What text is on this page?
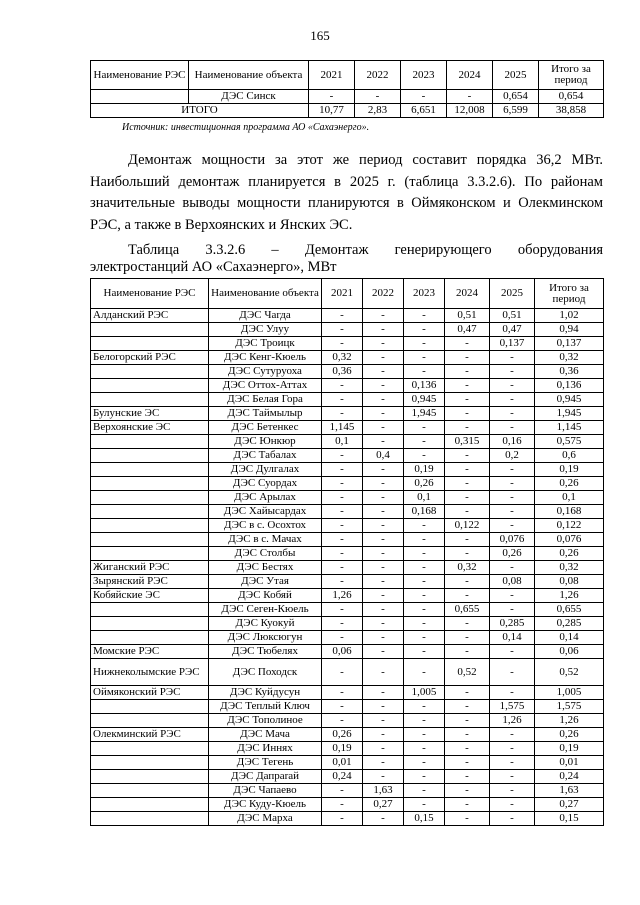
165
Наименование РЭС	Наименование объекта	2021	2022	2023	2024	2025	Итого за период
	ДЭС Синск	-	-	-	-	0,654	0,654
ИТОГО		10,77	2,83	6,651	12,008	6,599	38,858
Источник: инвестиционная программа АО «Сахаэнерго».

Демонтаж мощности за этот же период составит порядка 36,2 МВт. Наибольший демонтаж планируется в 2025 г. (таблица 3.3.2.6). По районам значительные выводы мощности планируются в Оймяконском и Олекминском РЭС, а также в Верхоянских и Янских ЭС.

Таблица 3.3.2.6 – Демонтаж генерирующего оборудования
электростанций АО «Сахаэнерго», МВт
Наименование РЭС	Наименование объекта	2021	2022	2023	2024	2025	Итого за период
Алданский РЭС	ДЭС Чагда	-	-	-	0,51	0,51	1,02
	ДЭС Улуу	-	-	-	0,47	0,47	0,94
	ДЭС Троицк	-	-	-	-	0,137	0,137
Белогорский РЭС	ДЭС Кенг-Кюель	0,32	-	-	-	-	0,32
	ДЭС Сутуруоха	0,36	-	-	-	-	0,36
	ДЭС Оттох-Аттах	-	-	0,136	-	-	0,136
	ДЭС Белая Гора	-	-	0,945	-	-	0,945
Булунские ЭС	ДЭС Таймылыр	-	-	1,945	-	-	1,945
Верхоянские ЭС	ДЭС Бетенкес	1,145	-	-	-	-	1,145
	ДЭС Юнкюр	0,1	-	-	0,315	0,16	0,575
	ДЭС Табалах	-	0,4	-	-	0,2	0,6
	ДЭС Дулгалах	-	-	0,19	-	-	0,19
	ДЭС Суордах	-	-	0,26	-	-	0,26
	ДЭС Арылах	-	-	0,1	-	-	0,1
	ДЭС Хайысардах	-	-	0,168	-	-	0,168
	ДЭС в с. Осохтох	-	-	-	0,122	-	0,122
	ДЭС в с. Мачах	-	-	-	-	0,076	0,076
	ДЭС Столбы	-	-	-	-	0,26	0,26
Жиганский РЭС	ДЭС Бестях	-	-	-	0,32	-	0,32
Зырянский РЭС	ДЭС Утая	-	-	-	-	0,08	0,08
Кобяйские ЭС	ДЭС Кобяй	1,26	-	-	-	-	1,26
	ДЭС Сеген-Кюель	-	-	-	0,655	-	0,655
	ДЭС Куокуй	-	-	-	-	0,285	0,285
	ДЭС Люксюгун	-	-	-	-	0,14	0,14
Момские РЭС	ДЭС Тюбелях	0,06	-	-	-	-	0,06
Нижнеколымские РЭС	ДЭС Походск	-	-	-	0,52	-	0,52
Оймяконский РЭС	ДЭС Куйдусун	-	-	1,005	-	-	1,005
	ДЭС Теплый Ключ	-	-	-	-	1,575	1,575
	ДЭС Тополиное	-	-	-	-	1,26	1,26
Олекминский РЭС	ДЭС Мача	0,26	-	-	-	-	0,26
	ДЭС Иннях	0,19	-	-	-	-	0,19
	ДЭС Тегень	0,01	-	-	-	-	0,01
	ДЭС Дапparaй	0,24	-	-	-	-	0,24
	ДЭС Чапаево	-	1,63	-	-	-	1,63
	ДЭС Куду-Кюель	-	0,27	-	-	-	0,27
	ДЭС Марха	-	-	0,15	-	-	0,15
